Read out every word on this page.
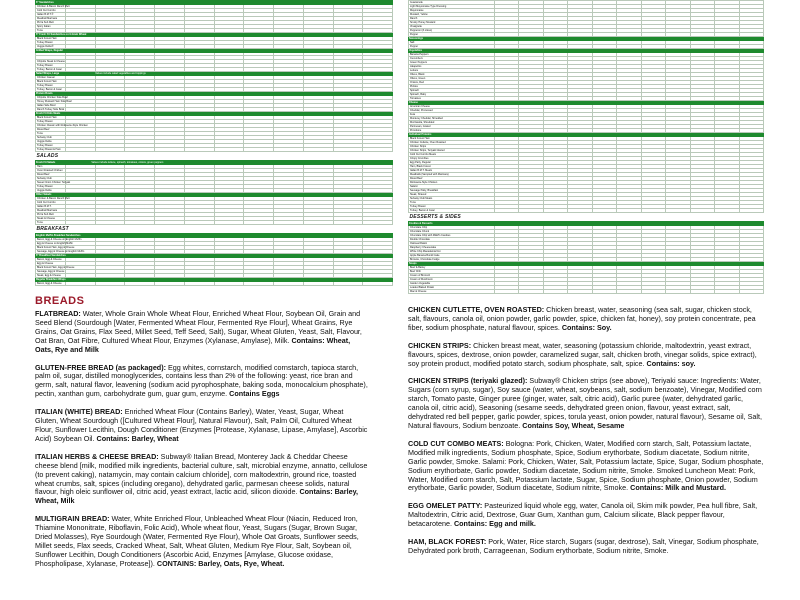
6" Sandwiches											
Chicken & Bacon Ranch Melt											
Cold Cut Combo											
Italian B.M.T.®											
Meatball Marinara											
Pizza Sub Melt											
Spicy Italian											
Tuna											
6" Fresh Fit Sandwiches on 9-Grain Wheat											
Black Forest Ham											
Turkey Breast											
Veggie Delite®											
Grilled Wraps, Regular											

Chipotle Steak & Cheese											
Turkey Breast											
Turkey, Bacon & Guac											
Salad Wraps, Large Values include salad vegetables and toppings											
Chicken Caesar											
Black Forest Ham											
Turkey Breast											
Turkey, Bacon & Guac											
Protein Bowls											
Chipotle Chicken Side Bowl											
Honey Mustard Ham Side Bowl											
Italian Side Bowl											
Ranch Turkey Side Bowl											
Fresh Fit Kids Meals											
Black Forest Ham											
Turkey Breast											
Chicken Classic with Rotisserie-Style Chicken											
Roast Beef											
Tuna											
Subway Club											
Veggie Delite											
Turkey Breast											
Turkey Breast & Ham											
SALADS											
Fresh Fit Salads Values include lettuce, spinach, tomatoes, onions, green peppers											
Ham											
Oven Roasted Chicken											
Roast Beef											
Subway Club											
Sweet Onion Chicken Teriyaki											
Turkey Breast											
Veggie Delite											
Other Salads											
Chicken & Bacon Ranch Melt											
Cold Cut Combo											
Italian B.M.T.											
Meatball Marinara											
Pizza Sub Melt											
Steak & Cheese											
Tuna											
BREAKFAST											
English Muffin Breakfast Sandwiches											
Bacon, Egg & Cheese on English Muffin											
Egg & Cheese on English Muffin											
Black Forest Ham, Egg & Cheese											
Sausage, Egg & Cheese on English Muffin											
6" Breakfast Sandwiches											
Bacon, Egg & Cheese											
Egg & Cheese											
Black Forest Ham, Egg & Cheese											
Sausage, Egg & Cheese											
Steak, Egg & Cheese											
Regular Breakfast Wraps											
Bacon, Egg & Cheese											
Guacamole											
Light Mayonnaise Type Dressing											
Mayonnaise											
Mustard, Yellow											
Ranch											
Smoky Honey Mustard											
Vinaigrette											
Pepperoni (3 slices)											
Pepper											
Seasonings											
Salt											
Pepper											
Vegetables											
Banana Peppers											
Cucumbers											
Green Peppers											
Jalapeños											
Lettuce											
Olives, Black											
Olives, Green											
Onions, Red											
Pickles											
Spinach											
Spinach, Baby											
Tomatoes											
Cheese											
American Cheese											
Cheddar, Processed											
Feta											
Monterey Cheddar, Shredded											
Mozzarella, Shredded											
Parmesan, Grated											
Provolone											
Individual Proteins											
Black Forest Ham											
Chicken Cutlette, Oven Roasted											
Chicken Strips											
Chicken Strips, Teriyaki Glazed											
Cold Cut Combo Meats											
Crispy Crumbles											
Egg Patty, Regular											
Ham, Black Forest											
Italian B.M.T. Meats											
Meatballs (Sampled with Marinara)											
Roast Beef											
Rotisserie-Style Chicken											
Salami											
Sausage Patty, Breakfast											
Steak, Shaved											
Subway Club Meats											
Tuna											
Turkey Breast											
Turkey, Bacon & Guac											
DESSERTS & SIDES											
Cookies & Desserts											
Chocolate Chip											
Chocolate Chunk											
Chocolate Chip with M&M's Candies											
Double Chocolate											
Oatmeal Raisin											
Raspberry Cheesecake											
White Chip Macadamia Nut											
Apple Banana Bundt Cake											
Brownie, Chocolate Fudge											
Soups											
Beef & Barley											
Beef Chili											
Cream of Broccoli											
Cream of Mushroom											
Garden Vegetable											
Loaded Baked Potato											
Mac & Cheese											
BREADS
FLATBREAD: Water, Whole Grain Whole Wheat Flour, Enriched Wheat Flour, Soybean Oil, Grain and Seed Blend (Sourdough [Water, Fermented Wheat Flour, Fermented Rye Flour], Wheat Grains, Rye Grains, Oat Grains, Flax Seed, Millet Seed, Teff Seed, Salt), Sugar, Wheat Gluten, Yeast, Salt, Flavour, Oat Bran, Oat Fibre, Cultured Wheat Flour, Enzymes (Xylanase, Amylase), Milk. Contains: Wheat, Oats, Rye and Milk
GLUTEN-FREE BREAD (as packaged): Egg whites, cornstarch, modified cornstarch, tapioca starch, palm oil, sugar, distilled monoglycerides, contains less than 2% of the following: yeast, rice bran and germ, salt, natural flavor, leavening (sodium acid pyrophosphate, baking soda, monocalcium phosphate), pectin, xanthan gum, carbohydrate gum, guar gum, enzyme. Contains Eggs
ITALIAN (WHITE) BREAD: Enriched Wheat Flour (Contains Barley), Water, Yeast, Sugar, Wheat Gluten, Wheat Sourdough ([Cultured Wheat Flour], Natural Flavour), Salt, Palm Oil, Cultured Wheat Flour, Sunflower Lecithin, Dough Conditioner (Enzymes [Protease, Xylanase, Lipase, Amylase], Ascorbic Acid) Soybean Oil. Contains: Barley, Wheat
ITALIAN HERBS & CHEESE BREAD: Subway® Italian Bread, Monterey Jack & Cheddar Cheese cheese blend [milk, modified milk ingredients, bacterial culture, salt, microbial enzyme, annatto, cellulose (to prevent caking), natamycin, may contain calcium chloride], corn maltodextrin, ground rice, toasted wheat crumbs, salt, spices (including oregano), dehydrated garlic, parmesan cheese solids, natural flavour, high oleic sunflower oil, citric acid, yeast extract, lactic acid, silicon dioxide. Contains: Barley, Wheat, Milk
MULTIGRAIN BREAD: Water, White Enriched Flour, Unbleached Wheat Flour (Niacin, Reduced Iron, Thiamine Mononitrate, Riboflavin, Folic Acid), Whole wheat flour, Yeast, Sugars (Sugar, Brown Sugar, Dried Molasses), Rye Sourdough (Water, Fermented Rye Flour), Whole Oat Groats, Sunflower seeds, Millet seeds, Flax seeds, Cracked Wheat, Salt, Wheat Gluten, Medium Rye Flour, Salt, Soybean oil, Sunflower Lecithin, Dough Conditioners (Ascorbic Acid, Enzymes [Amylase, Glucose oxidase, Phospholipase, Xylanase, Protease]). CONTAINS: Barley, Oats, Rye, Wheat.
CHICKEN CUTLETTE, OVEN ROASTED: Chicken breast, water, seasoning (sea salt, sugar, chicken stock, salt, flavours, canola oil, onion powder, garlic powder, spice, chicken fat, honey), soy protein concentrate, pea fiber, sodium phosphate, natural flavour, spices. Contains: Soy.
CHICKEN STRIPS: Chicken breast meat, water, seasoning (potassium chloride, maltodextrin, yeast extract, flavours, spices, dextrose, onion powder, caramelized sugar, salt, chicken broth, vinegar solids, spice extract), soy protein product, modified potato starch, sodium phosphate, salt, spice. Contains: soy.
CHICKEN STRIPS (teriyaki glazed): Subway® Chicken strips (see above), Teriyaki sauce: Ingredients: Water, Sugars (corn syrup, sugar), Soy sauce (water, wheat, soybeans, salt, sodium benzoate), Vinegar, Modified corn starch, Tomato paste, Ginger puree (ginger, water, salt, citric acid), Garlic puree (water, dehydrated garlic, canola oil, citric acid), Seasoning (sesame seeds, dehydrated green onion, flavour, yeast extract, salt, dehydrated red bell pepper, garlic powder, spices, torula yeast, onion powder, natural flavour), Sesame oil, Salt, Natural flavours, Sodium benzoate. Contains Soy, Wheat, Sesame
COLD CUT COMBO MEATS: Bologna: Pork, Chicken, Water, Modified corn starch, Salt, Potassium lactate, Modified milk ingredients, Sodium phosphate, Spice, Sodium erythorbate, Sodium diacetate, Sodium nitrite, Garlic powder, Smoke. Salami: Pork, Chicken, Water, Salt, Potassium lactate, Spice, Sugar, Sodium phosphate, Sodium erythorbate, Garlic powder, Sodium diacetate, Sodium nitrite, Smoke. Smoked Luncheon Meat: Pork, Water, Modified corn starch, Salt, Potassium lactate, Sugar, Spice, Sodium phosphate, Onion powder, Sodium erythorbate, Garlic powder, Sodium diacetate, Sodium nitrite, Smoke. Contains: Milk and Mustard.
EGG OMELET PATTY: Pasteurized liquid whole egg, water, Canola oil, Skim milk powder, Pea hull fibre, Salt, Maltodextrin, Citric acid, Dextrose, Guar Gum, Xanthan gum, Calcium silicate, Black pepper flavour, betacarotene. Contains: Egg and milk.
HAM, BLACK FOREST: Pork, Water, Rice starch, Sugars (sugar, dextrose), Salt, Vinegar, Sodium phosphate, Dehydrated pork broth, Carrageenan, Sodium erythorbate, Sodium nitrite, Smoke.
